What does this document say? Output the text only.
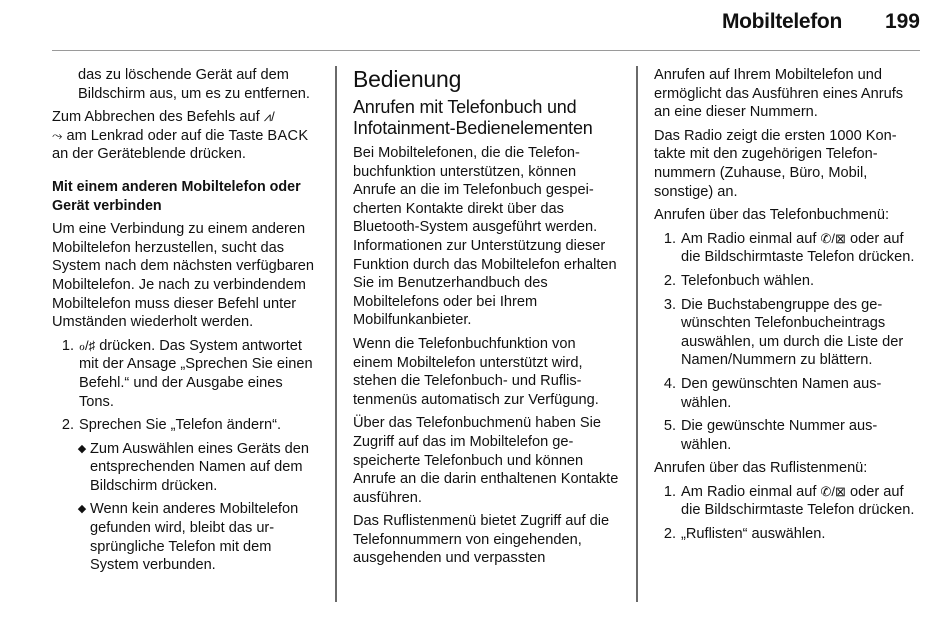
Mobiltelefon 199

das zu löschende Gerät auf dem Bildschirm aus, um es zu entfernen.

Zum Abbrechen des Befehls auf ⩘/
⤳ am Lenkrad oder auf die Taste BACK an der Geräteblende drücken.

Mit einem anderen Mobiltelefon oder Gerät verbinden

Um eine Verbindung zu einem anderen Mobiltelefon herzustellen, sucht das System nach dem nächsten verfügbaren Mobiltelefon. Je nach zu verbindendem Mobiltelefon muss dieser Befehl unter Umständen wiederholt werden.

1. ℴ/♯ drücken. Das System antwortet mit der Ansage „Sprechen Sie einen Befehl.“ und der Ausgabe eines Tons.
2. Sprechen Sie „Telefon ändern“.
◆ Zum Auswählen eines Geräts den entsprechenden Namen auf dem Bildschirm drücken.
◆ Wenn kein anderes Mobiltelefon gefunden wird, bleibt das ursprüngliche Telefon mit dem System verbunden.

Bedienung

Anrufen mit Telefonbuch und Infotainment-Bedienelementen

Bei Mobiltelefonen, die die Telefonbuchfunktion unterstützen, können Anrufe an die im Telefonbuch gespeicherten Kontakte direkt über das Bluetooth-System ausgeführt werden. Informationen zur Unterstützung dieser Funktion durch das Mobiltelefon erhalten Sie im Benutzerhandbuch des Mobiltelefons oder bei Ihrem Mobilfunkanbieter.

Wenn die Telefonbuchfunktion von einem Mobiltelefon unterstützt wird, stehen die Telefonbuch- und Ruflistenmenüs automatisch zur Verfügung.

Über das Telefonbuchmenü haben Sie Zugriff auf das im Mobiltelefon gespeicherte Telefonbuch und können Anrufe an die darin enthaltenen Kontakte ausführen.

Das Ruflistenmenü bietet Zugriff auf die Telefonnummern von eingehenden, ausgehenden und verpassten

Anrufen auf Ihrem Mobiltelefon und ermöglicht das Ausführen eines Anrufs an eine dieser Nummern.

Das Radio zeigt die ersten 1000 Kontakte mit den zugehörigen Telefonnummern (Zuhause, Büro, Mobil, sonstige) an.

Anrufen über das Telefonbuchmenü:

1. Am Radio einmal auf ✆/⊠ oder auf die Bildschirmtaste Telefon drücken.
2. Telefonbuch wählen.
3. Die Buchstabengruppe des gewünschten Telefonbucheintrags auswählen, um durch die Liste der Namen/Nummern zu blättern.
4. Den gewünschten Namen auswählen.
5. Die gewünschte Nummer auswählen.

Anrufen über das Ruflistenmenü:

1. Am Radio einmal auf ✆/⊠ oder auf die Bildschirmtaste Telefon drücken.
2. „Ruflisten“ auswählen.
